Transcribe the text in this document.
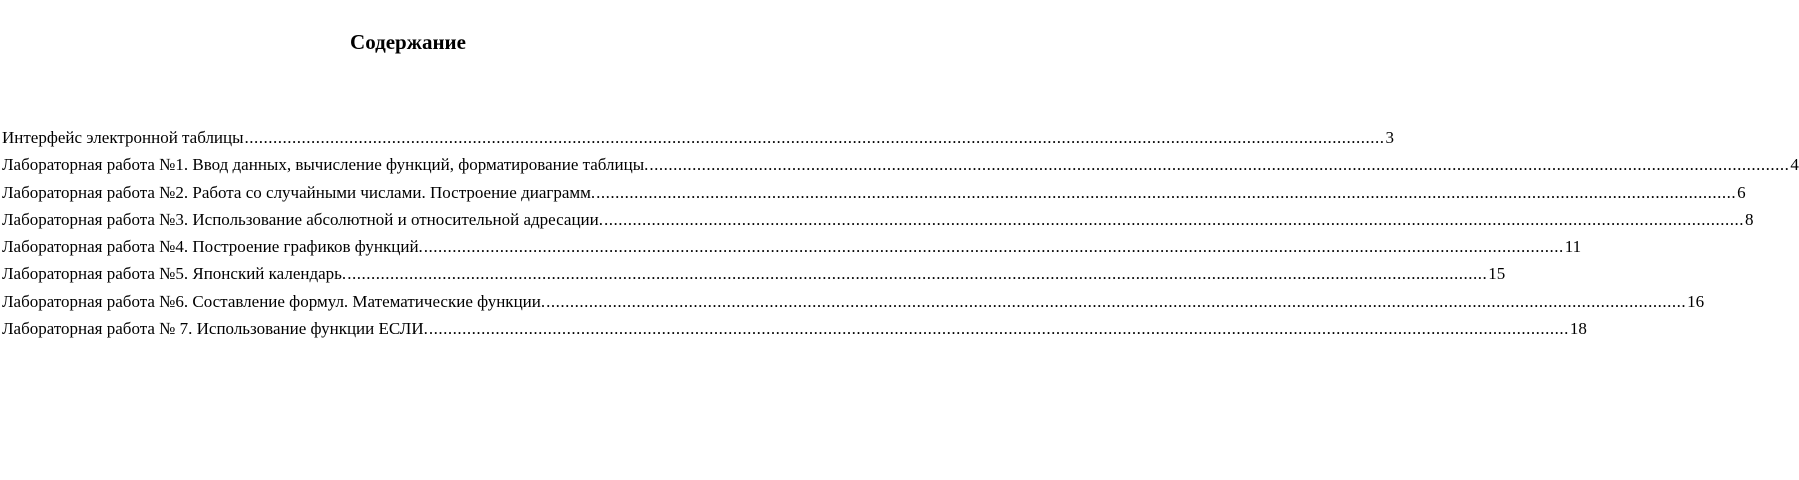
Содержание
Интерфейс электронной таблицы .....	3
Лабораторная работа №1. Ввод данных, вычисление функций, форматирование таблицы. .....	4
Лабораторная работа №2. Работа со случайными числами. Построение диаграмм. .....	6
Лабораторная работа №3. Использование абсолютной и относительной адресации. .....	8
Лабораторная работа №4. Построение графиков функций. .....	11
Лабораторная работа №5. Японский календарь. .....	15
Лабораторная работа №6. Составление формул. Математические функции. .....	16
Лабораторная работа № 7. Использование функции ЕСЛИ. .....	18
